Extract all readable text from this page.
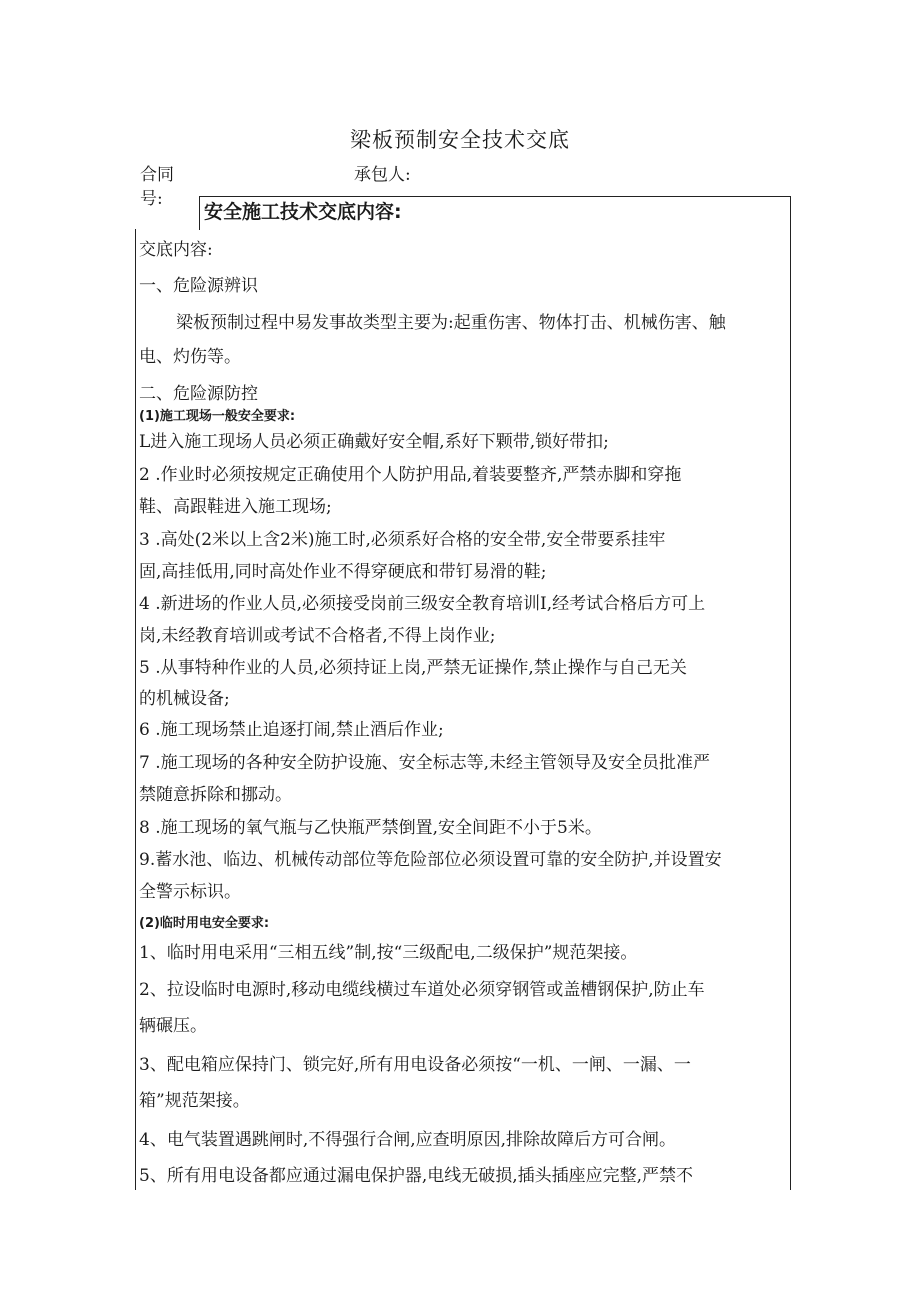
梁板预制安全技术交底
合同
号:
承包人:
安全施工技术交底内容:
交底内容:
一、危险源辨识
梁板预制过程中易发事故类型主要为:起重伤害、物体打击、机械伤害、触
电、灼伤等。
二、危险源防控
(1)施工现场一般安全要求:
L进入施工现场人员必须正确戴好安全帽,系好下颗带,锁好带扣;
2 .作业时必须按规定正确使用个人防护用品,着装要整齐,严禁赤脚和穿拖
鞋、高跟鞋进入施工现场;
3 .高处(2米以上含2米)施工时,必须系好合格的安全带,安全带要系挂牢
固,高挂低用,同时高处作业不得穿硬底和带钉易滑的鞋;
4 .新进场的作业人员,必须接受岗前三级安全教育培训I,经考试合格后方可上
岗,未经教育培训或考试不合格者,不得上岗作业;
5 .从事特种作业的人员,必须持证上岗,严禁无证操作,禁止操作与自己无关
的机械设备;
6 .施工现场禁止追逐打闹,禁止酒后作业;
7 .施工现场的各种安全防护设施、安全标志等,未经主管领导及安全员批准严
禁随意拆除和挪动。
8 .施工现场的氧气瓶与乙快瓶严禁倒置,安全间距不小于5米。
9.蓄水池、临边、机械传动部位等危险部位必须设置可靠的安全防护,并设置安
全警示标识。
(2)临时用电安全要求:
1、临时用电采用“三相五线”制,按“三级配电,二级保护”规范架接。
2、拉设临时电源时,移动电缆线横过车道处必须穿钢管或盖槽钢保护,防止车
辆碾压。
3、配电箱应保持门、锁完好,所有用电设备必须按“一机、一闸、一漏、一
箱”规范架接。
4、电气装置遇跳闸时,不得强行合闸,应查明原因,排除故障后方可合闸。
5、所有用电设备都应通过漏电保护器,电线无破损,插头插座应完整,严禁不
